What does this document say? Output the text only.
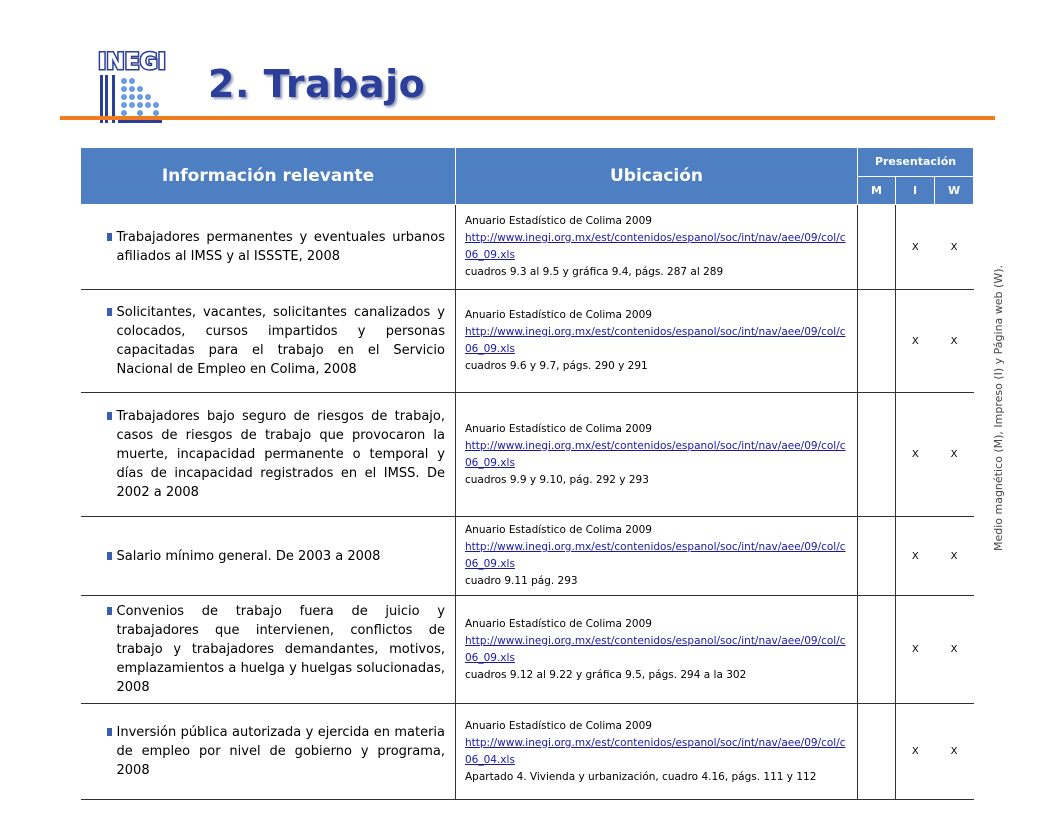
INEGI 2. Trabajo
Información relevante	Ubicación	Presentación		
		M	I	W

Trabajadores permanentes y eventuales urbanos afiliados al IMSS y al ISSSTE, 2008	Anuario Estadístico de Colima 2009
http://www.inegi.org.mx/est/contenidos/espanol/soc/int/nav/aee/09/col/c06_09.xls
cuadros 9.3 al 9.5 y gráfica 9.4, págs. 287 al 289		X	X

Solicitantes, vacantes, solicitantes canalizados y colocados, cursos impartidos y personas capacitadas para el trabajo en el Servicio Nacional de Empleo en Colima, 2008	Anuario Estadístico de Colima 2009
http://www.inegi.org.mx/est/contenidos/espanol/soc/int/nav/aee/09/col/c06_09.xls
cuadros 9.6 y 9.7, págs. 290 y 291		X	X

Trabajadores bajo seguro de riesgos de trabajo, casos de riesgos de trabajo que provocaron la muerte, incapacidad permanente o temporal y días de incapacidad registrados en el IMSS. De 2002 a 2008	Anuario Estadístico de Colima 2009
http://www.inegi.org.mx/est/contenidos/espanol/soc/int/nav/aee/09/col/c06_09.xls
cuadros 9.9 y 9.10, pág. 292 y 293		X	X

Salario mínimo general. De 2003 a 2008	Anuario Estadístico de Colima 2009
http://www.inegi.org.mx/est/contenidos/espanol/soc/int/nav/aee/09/col/c06_09.xls
cuadro 9.11 pág. 293		X	X

Convenios de trabajo fuera de juicio y trabajadores que intervienen, conflictos de trabajo y trabajadores demandantes, motivos, emplazamientos a huelga y huelgas solucionadas, 2008	Anuario Estadístico de Colima 2009
http://www.inegi.org.mx/est/contenidos/espanol/soc/int/nav/aee/09/col/c06_09.xls
cuadros 9.12 al 9.22 y gráfica 9.5, págs. 294 a la 302		X	X

Inversión pública autorizada y ejercida en materia de empleo por nivel de gobierno y programa, 2008	Anuario Estadístico de Colima 2009
http://www.inegi.org.mx/est/contenidos/espanol/soc/int/nav/aee/09/col/c06_04.xls
Apartado 4. Vivienda y urbanización, cuadro 4.16, págs. 111 y 112		X	X
Medio magnético (M), Impreso (I) y Página web (W).
